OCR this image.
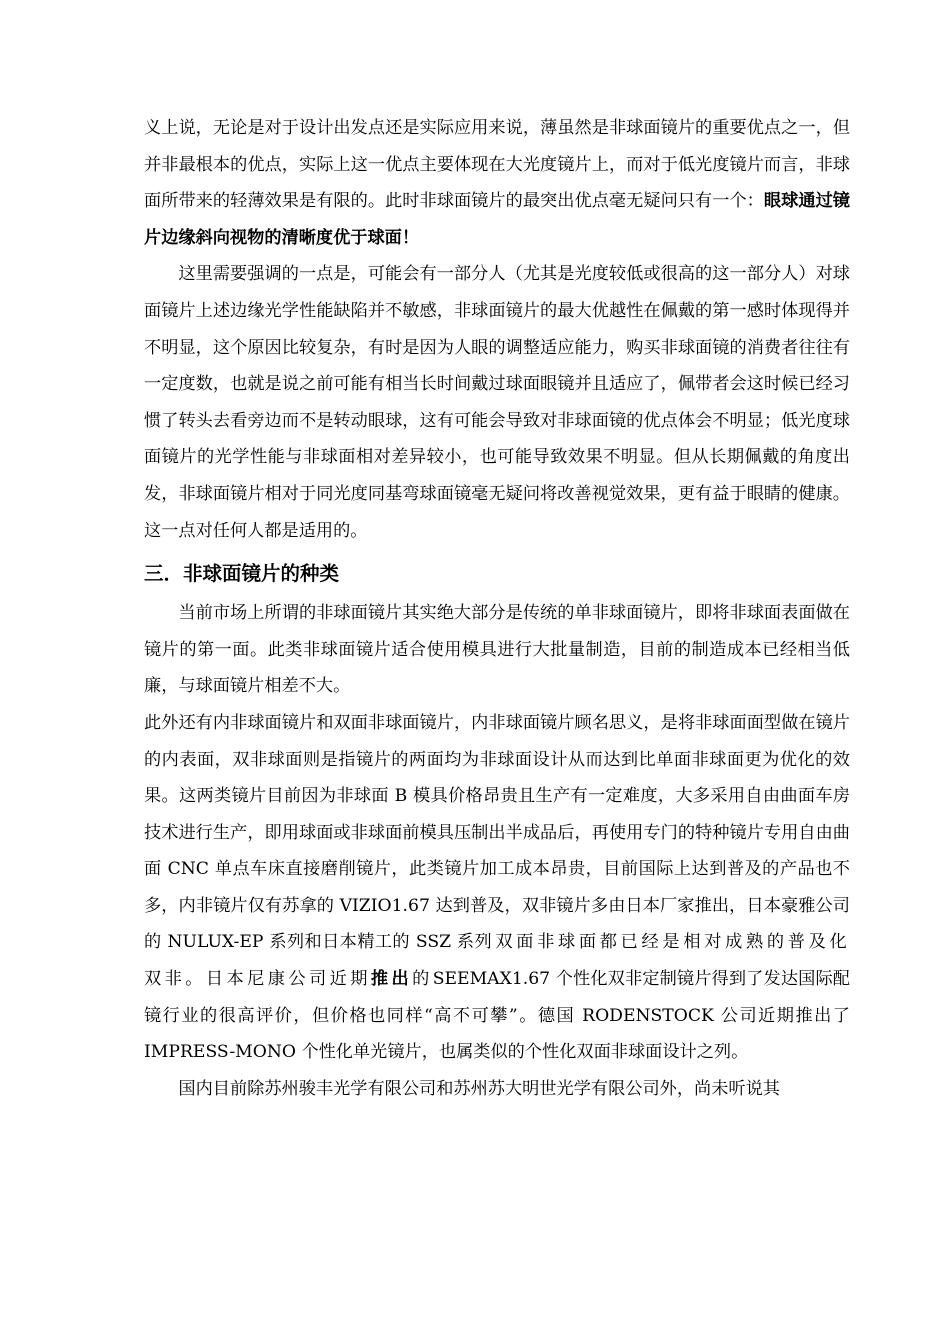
义上说，无论是对于设计出发点还是实际应用来说，薄虽然是非球面镜片的重要优点之一，但并非最根本的优点，实际上这一优点主要体现在大光度镜片上，而对于低光度镜片而言，非球面所带来的轻薄效果是有限的。此时非球面镜片的最突出优点毫无疑问只有一个：眼球通过镜片边缘斜向视物的清晰度优于球面！

这里需要强调的一点是，可能会有一部分人（尤其是光度较低或很高的这一部分人）对球面镜片上述边缘光学性能缺陷并不敏感，非球面镜片的最大优越性在佩戴的第一感时体现得并不明显，这个原因比较复杂，有时是因为人眼的调整适应能力，购买非球面镜的消费者往往有一定度数，也就是说之前可能有相当长时间戴过球面眼镜并且适应了，佩带者会这时候已经习惯了转头去看旁边而不是转动眼球，这有可能会导致对非球面镜的优点体会不明显；低光度球面镜片的光学性能与非球面相对差异较小，也可能导致效果不明显。但从长期佩戴的角度出发，非球面镜片相对于同光度同基弯球面镜毫无疑问将改善视觉效果，更有益于眼睛的健康。这一点对任何人都是适用的。

三．非球面镜片的种类

当前市场上所谓的非球面镜片其实绝大部分是传统的单非球面镜片，即将非球面表面做在镜片的第一面。此类非球面镜片适合使用模具进行大批量制造，目前的制造成本已经相当低廉，与球面镜片相差不大。

此外还有内非球面镜片和双面非球面镜片，内非球面镜片顾名思义，是将非球面面型做在镜片的内表面，双非球面则是指镜片的两面均为非球面设计从而达到比单面非球面更为优化的效果。这两类镜片目前因为非球面 B 模具价格昂贵且生产有一定难度，大多采用自由曲面车房技术进行生产，即用球面或非球面前模具压制出半成品后，再使用专门的特种镜片专用自由曲面 CNC 单点车床直接磨削镜片，此类镜片加工成本昂贵，目前国际上达到普及的产品也不多，内非镜片仅有苏拿的 VIZIO1.67 达到普及，双非镜片多由日本厂家推出，日本豪雅公司的 NULUX-EP 系列和日本精工的 SSZ 系列双面非球面都已经是相对成熟的普及化双非。日本尼康公司近期推出的SEEMAX1.67 个性化双非定制镜片得到了发达国际配镜行业的很高评价，但价格也同样“高不可攀”。德国 RODENSTOCK 公司近期推出了 IMPRESS-MONO 个性化单光镜片，也属类似的个性化双面非球面设计之列。

国内目前除苏州骏丰光学有限公司和苏州苏大明世光学有限公司外，尚未听说其
